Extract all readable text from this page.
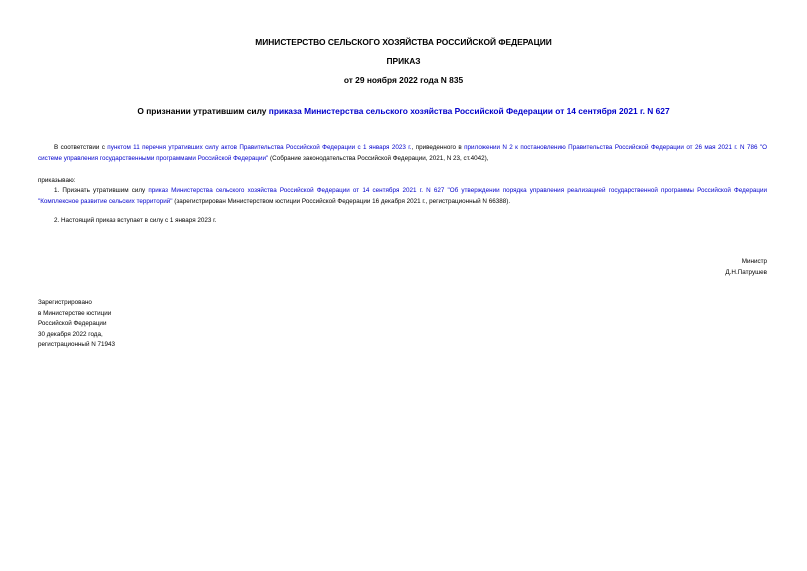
МИНИСТЕРСТВО СЕЛЬСКОГО ХОЗЯЙСТВА РОССИЙСКОЙ ФЕДЕРАЦИИ
ПРИКАЗ
от 29 ноября 2022 года N 835
О признании утратившим силу приказа Министерства сельского хозяйства Российской Федерации от 14 сентября 2021 г. N 627
В соответствии с пунктом 11 перечня утративших силу актов Правительства Российской Федерации с 1 января 2023 г., приведенного в приложении N 2 к постановлению Правительства Российской Федерации от 26 мая 2021 г. N 786 "О системе управления государственными программами Российской Федерации" (Собрание законодательства Российской Федерации, 2021, N 23, ст.4042),
приказываю:
1. Признать утратившим силу приказ Министерства сельского хозяйства Российской Федерации от 14 сентября 2021 г. N 627 "Об утверждении порядка управления реализацией государственной программы Российской Федерации "Комплексное развитие сельских территорий" (зарегистрирован Министерством юстиции Российской Федерации 16 декабря 2021 г., регистрационный N 66388).
2. Настоящий приказ вступает в силу с 1 января 2023 г.
Министр
Д.Н.Патрушев
Зарегистрировано
в Министерстве юстиции
Российской Федерации
30 декабря 2022 года,
регистрационный N 71943
